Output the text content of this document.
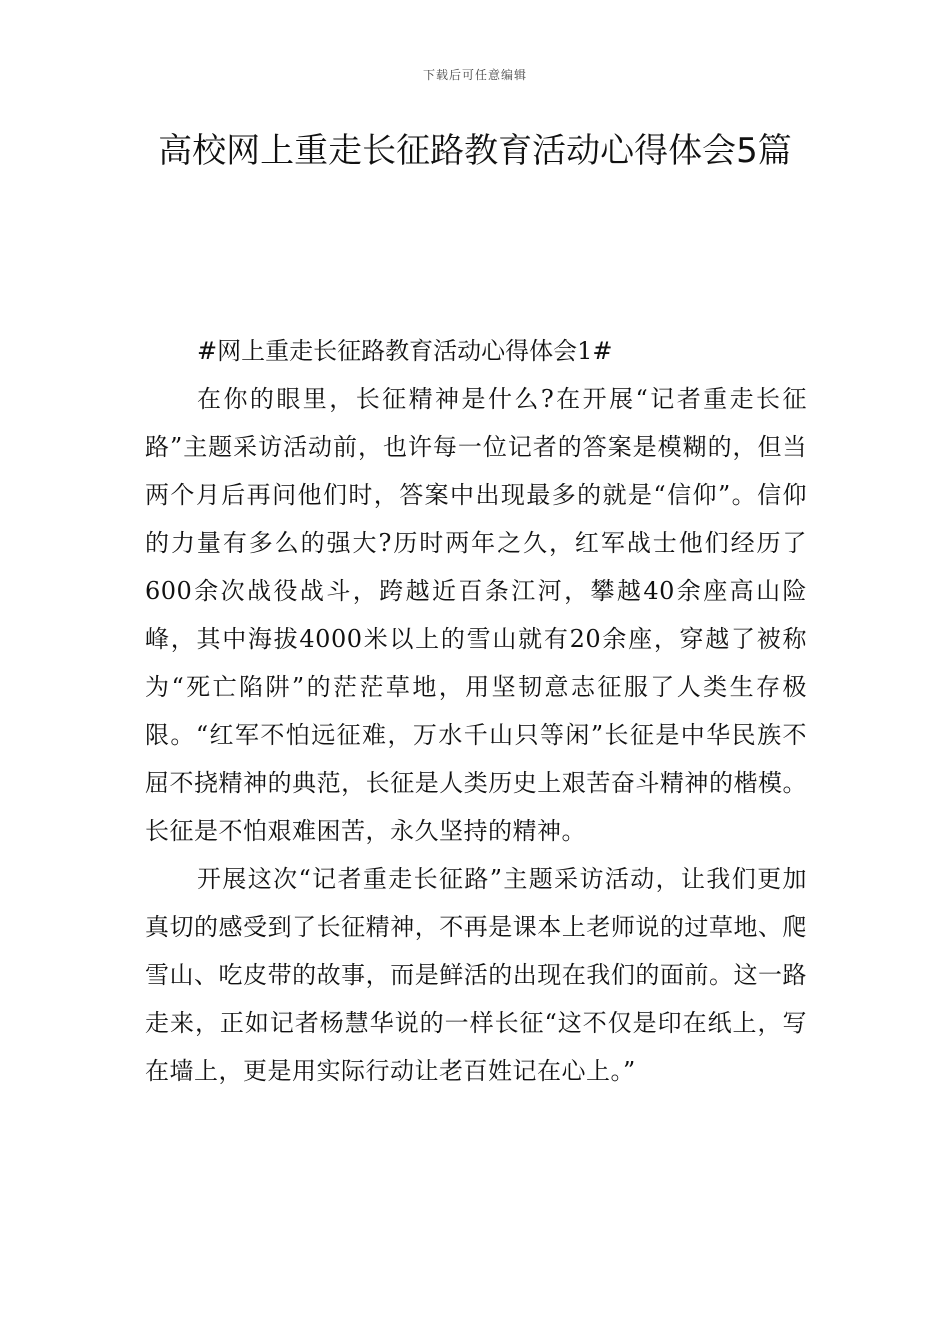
下载后可任意编辑
高校网上重走长征路教育活动心得体会5篇

#网上重走长征路教育活动心得体会1#

在你的眼里，长征精神是什么?在开展“记者重走长征路”主题采访活动前，也许每一位记者的答案是模糊的，但当两个月后再问他们时，答案中出现最多的就是“信仰”。信仰的力量有多么的强大?历时两年之久，红军战士他们经历了600余次战役战斗，跨越近百条江河，攀越40余座高山险峰，其中海拔4000米以上的雪山就有20余座，穿越了被称为“死亡陷阱”的茫茫草地，用坚韧意志征服了人类生存极限。“红军不怕远征难，万水千山只等闲”长征是中华民族不屈不挠精神的典范，长征是人类历史上艰苦奋斗精神的楷模。长征是不怕艰难困苦，永久坚持的精神。

开展这次“记者重走长征路”主题采访活动，让我们更加真切的感受到了长征精神，不再是课本上老师说的过草地、爬雪山、吃皮带的故事，而是鲜活的出现在我们的面前。这一路走来，正如记者杨慧华说的一样长征“这不仅是印在纸上，写在墙上，更是用实际行动让老百姓记在心上。”
